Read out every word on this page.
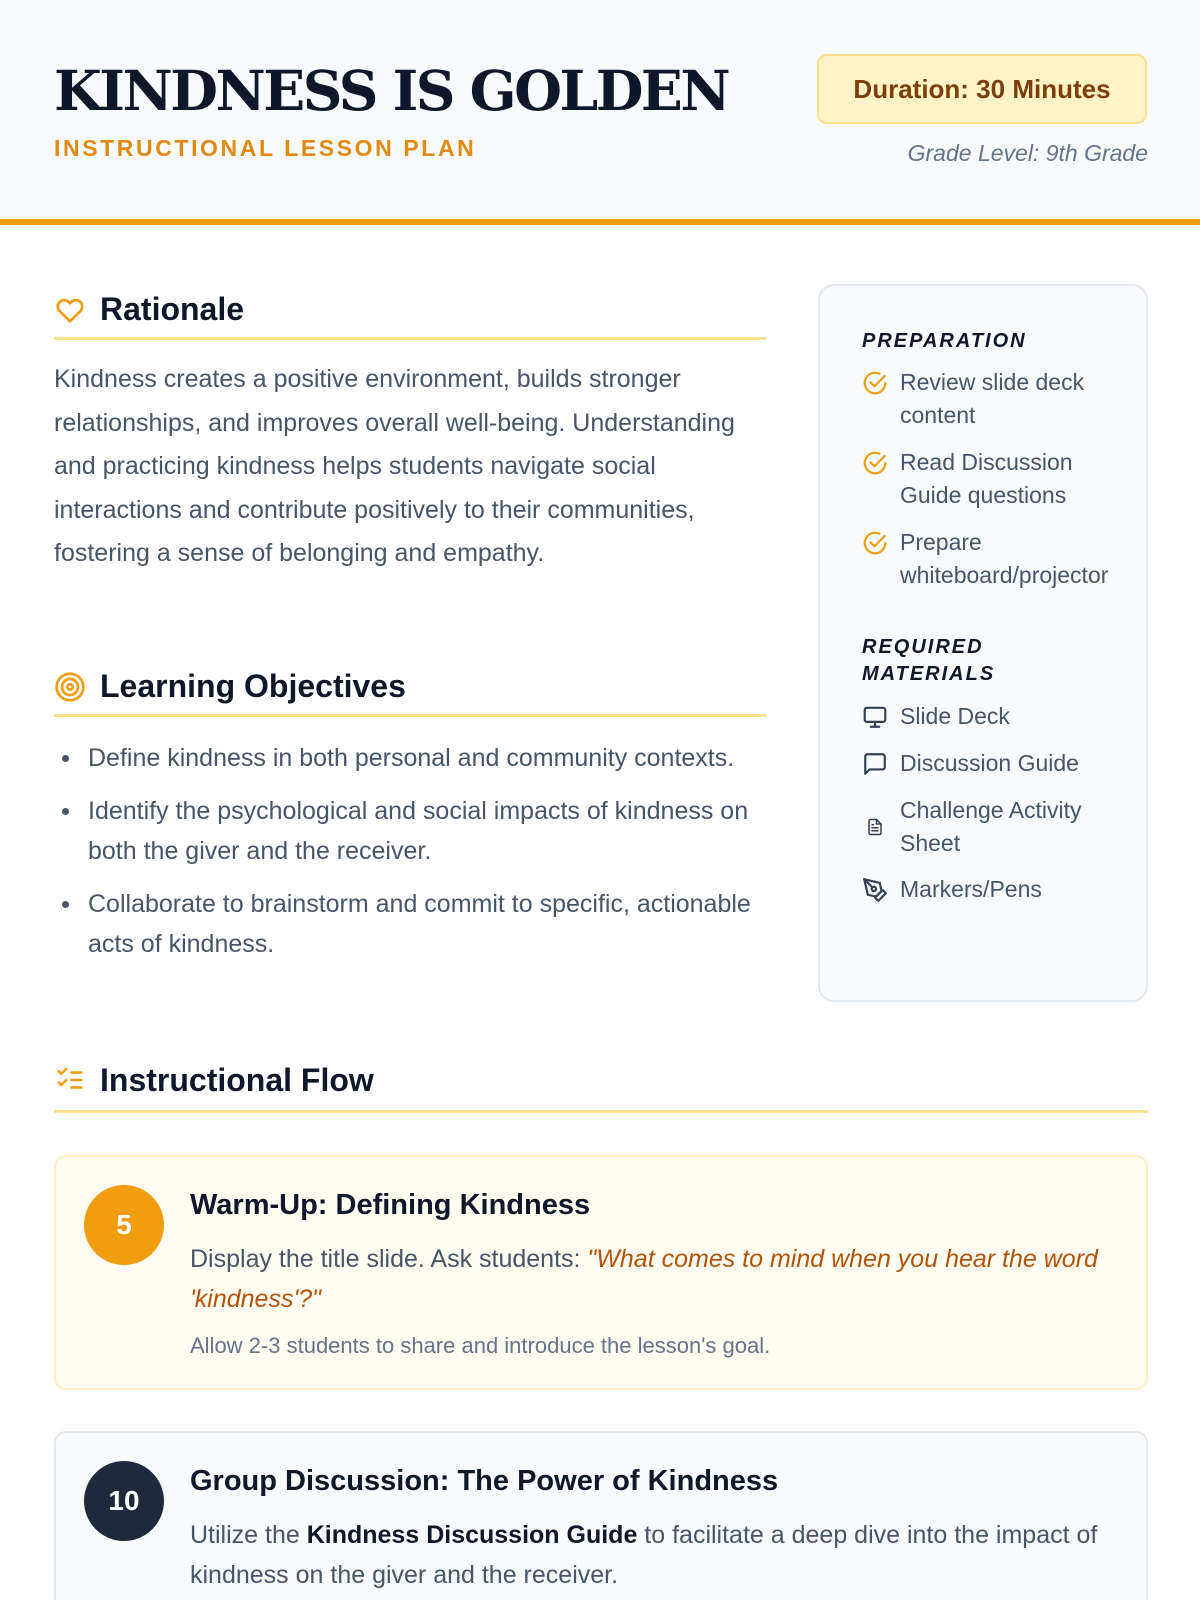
KINDNESS IS GOLDEN
INSTRUCTIONAL LESSON PLAN
Duration: 30 Minutes
Grade Level: 9th Grade
Rationale

Kindness creates a positive environment, builds stronger relationships, and improves overall well-being. Understanding and practicing kindness helps students navigate social interactions and contribute positively to their communities, fostering a sense of belonging and empathy.

Learning Objectives
Define kindness in both personal and community contexts.
Identify the psychological and social impacts of kindness on both the giver and the receiver.
Collaborate to brainstorm and commit to specific, actionable acts of kindness.
PREPARATION
Review slide deck content
Read Discussion Guide questions
Prepare whiteboard/projector
REQUIRED MATERIALS
Slide Deck
Discussion Guide
Challenge Activity Sheet
Markers/Pens
Instructional Flow
5
Warm-Up: Defining Kindness
Display the title slide. Ask students: "What comes to mind when you hear the word 'kindness'?"
Allow 2-3 students to share and introduce the lesson's goal.
10
Group Discussion: The Power of Kindness
Utilize the Kindness Discussion Guide to facilitate a deep dive into the impact of kindness on the giver and the receiver.
